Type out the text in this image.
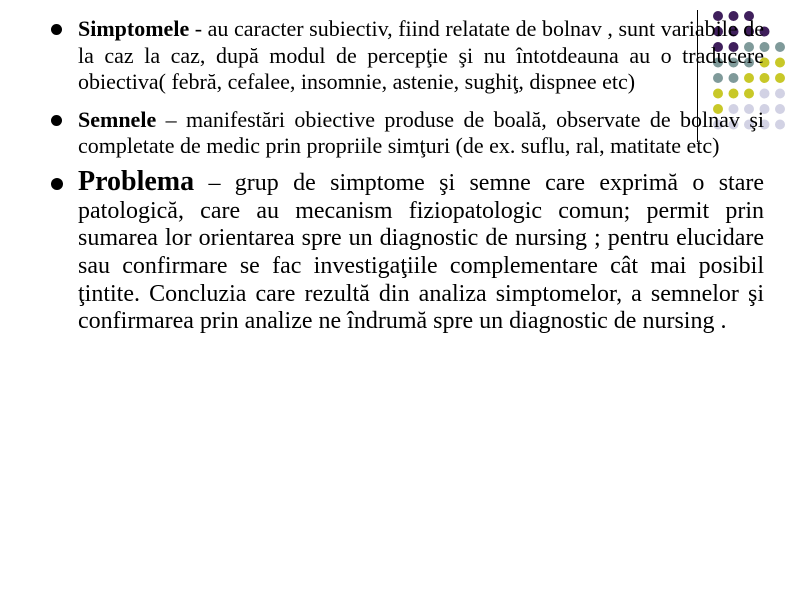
Simptomele - au caracter subiectiv, fiind relatate de bolnav , sunt variabile de la caz la caz, după modul de percepţie şi nu întotdeauna au o traducere obiectiva( febră, cefalee, insomnie, astenie, sughiţ, dispnee etc)
Semnele – manifestări obiective produse de boală, observate de bolnav şi completate de medic prin propriile simţuri (de ex. suflu, ral, matitate etc)
Problema – grup de simptome şi semne care exprimă o stare patologică, care au mecanism fiziopatologic comun; permit prin sumarea lor orientarea spre un diagnostic de nursing ; pentru elucidare sau confirmare se fac investigaţiile complementare cât mai posibil ţintite. Concluzia care rezultă din analiza simptomelor, a semnelor şi confirmarea prin analize ne îndrumă spre un diagnostic de nursing .
